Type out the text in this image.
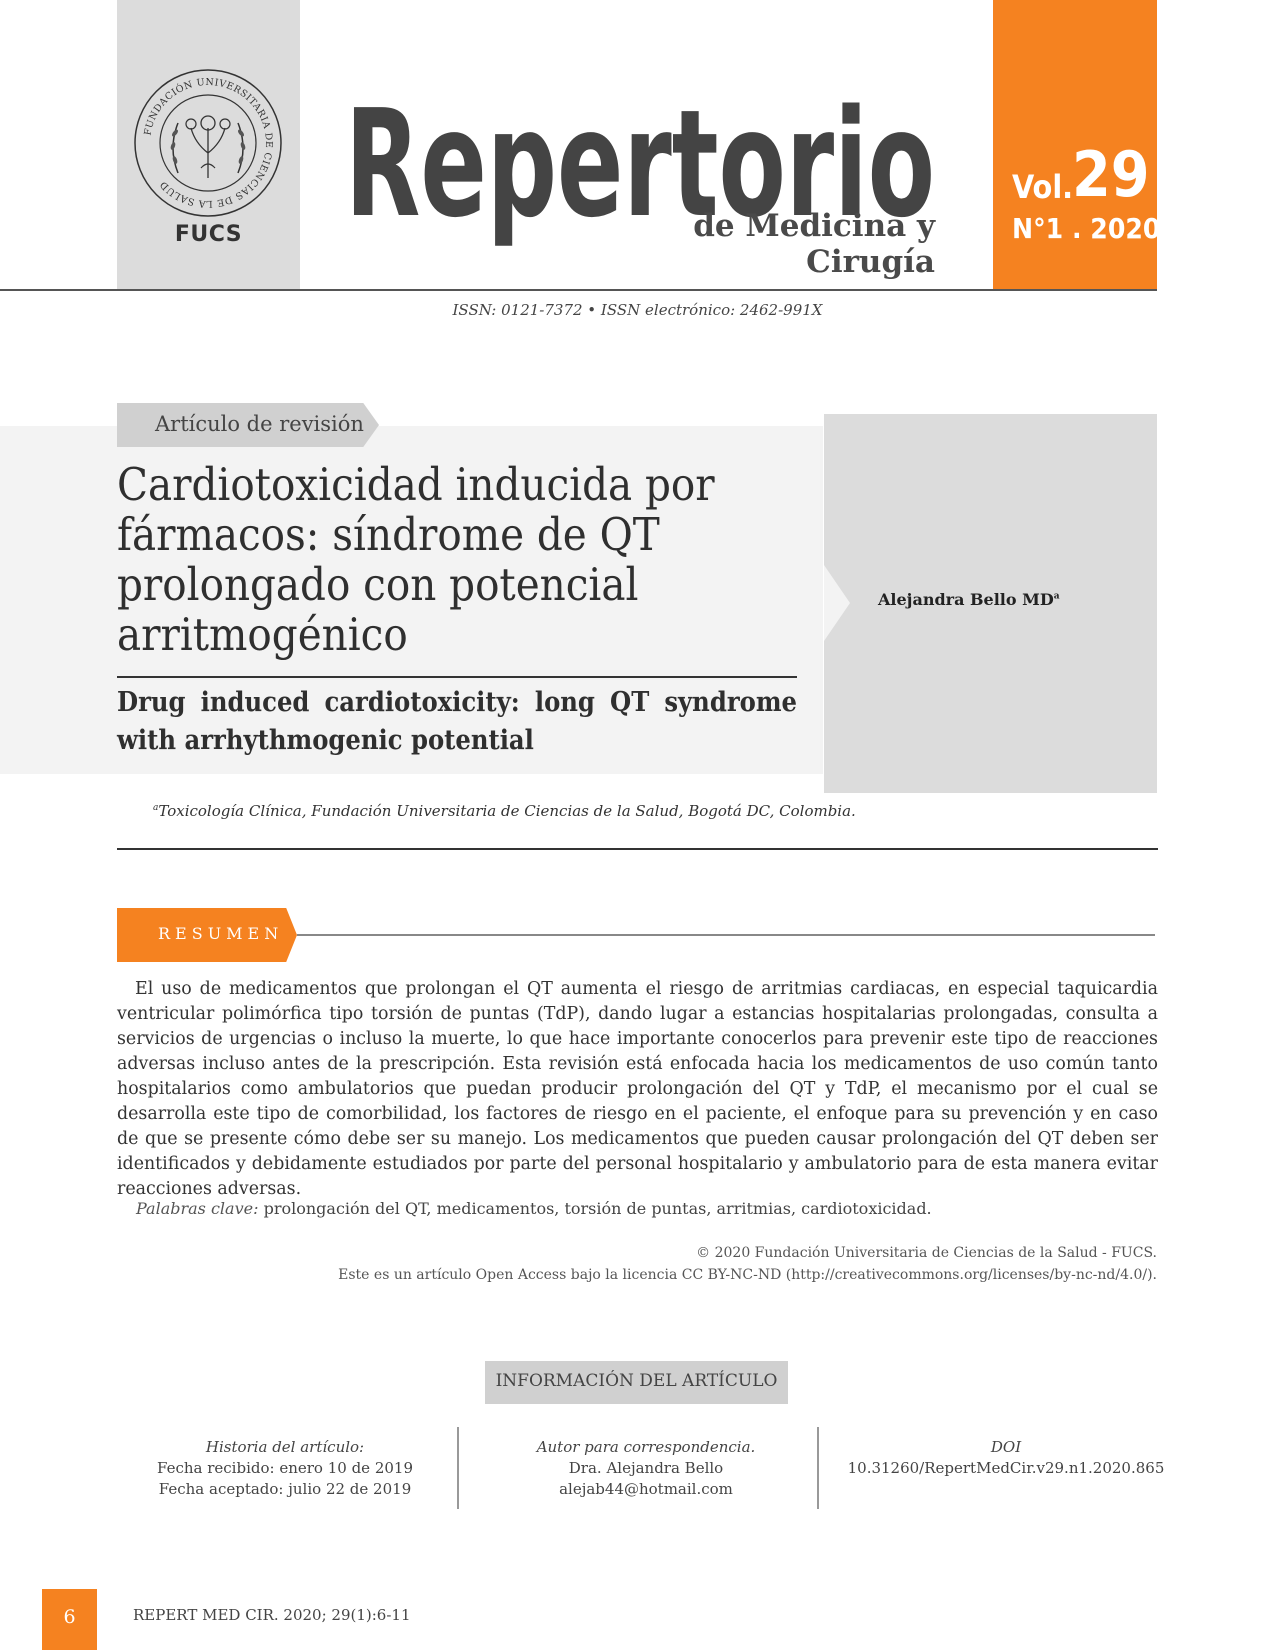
FUNDACIÓN UNIVERSITARIA DE CIENCIAS DE LA SALUD
FUCS Repertorio
de Medicina y Cirugía
Vol.
29
N°1 . 2020
ISSN: 0121-7372 • ISSN electrónico: 2462-991X
Artículo de revisión
Cardiotoxicidad inducida por fármacos: síndrome de QT prolongado con potencial arritmogénico
Drug induced cardiotoxicity: long QT syndrome with arrhythmogenic potential
Alejandra Bello $MD^a$
$^a$Toxicología Clínica, Fundación Universitaria de Ciencias de la Salud, Bogotá DC, Colombia.
RESUMEN
El uso de medicamentos que prolongan el QT aumenta el riesgo de arritmias cardiacas, en especial taquicardia ventricular polimórfica tipo torsión de puntas (TdP), dando lugar a estancias hospitalarias prolongadas, consulta a servicios de urgencias o incluso la muerte, lo que hace importante conocerlos para prevenir este tipo de reacciones adversas incluso antes de la prescripción. Esta revisión está enfocada hacia los medicamentos de uso común tanto hospitalarios como ambulatorios que puedan producir prolongación del QT y TdP, el mecanismo por el cual se desarrolla este tipo de comorbilidad, los factores de riesgo en el paciente, el enfoque para su prevención y en caso de que se presente cómo debe ser su manejo. Los medicamentos que pueden causar prolongación del QT deben ser identificados y debidamente estudiados por parte del personal hospitalario y ambulatorio para de esta manera evitar reacciones adversas.
Palabras clave: prolongación del QT, medicamentos, torsión de puntas, arritmias, cardiotoxicidad.
© 2020 Fundación Universitaria de Ciencias de la Salud - FUCS.
Este es un artículo Open Access bajo la licencia CC BY-NC-ND (http://creativecommons.org/licenses/by-nc-nd/4.0/).
INFORMACIÓN DEL ARTÍCULO
Historia del artículo:
Fecha recibido: enero 10 de 2019
Fecha aceptado: julio 22 de 2019
Autor para correspondencia.
Dra. Alejandra Bello
alejab44@hotmail.com
DOI
10.31260/RepertMedCir.v29.n1.2020.865
6	REPERT MED CIR. 2020; 29(1):6-11
